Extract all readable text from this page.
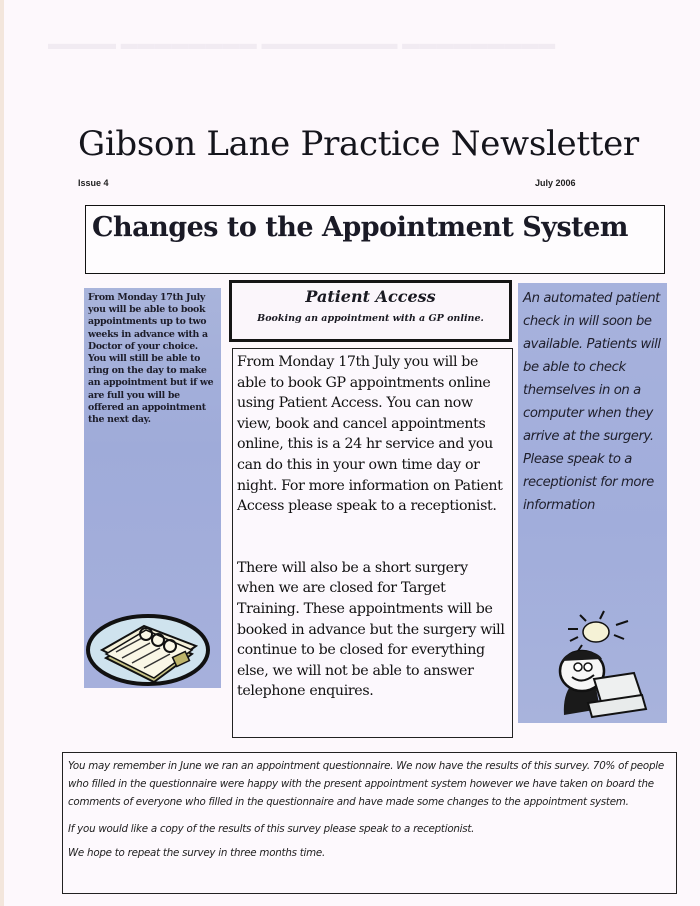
▬▬▬▬ ▬▬▬▬▬▬▬▬ ▬▬▬▬▬▬▬▬ ▬▬▬▬▬▬▬▬▬
Gibson Lane Practice Newsletter
Issue 4	July 2006
Changes to the Appointment System

From Monday 17th July you will be able to book appointments up to two weeks in advance with a Doctor of your choice. You will still be able to ring on the day to make an appointment but if we are full you will be offered an appointment the next day.

Patient Access
Booking an appointment with a GP online.

From Monday 17th July you will be able to book GP appointments online using Patient Access. You can now view, book and cancel appointments online, this is a 24 hr service and you can do this in your own time day or night. For more information on Patient Access please speak to a receptionist.

There will also be a short surgery when we are closed for Target Training. These appointments will be booked in advance but the surgery will continue to be closed for everything else, we will not be able to answer telephone enquires.

An automated patient check in will soon be available. Patients will be able to check themselves in on a computer when they arrive at the surgery. Please speak to a receptionist for more information

You may remember in June we ran an appointment questionnaire. We now have the results of this survey. 70% of people who filled in the questionnaire were happy with the present appointment system however we have taken on board the comments of everyone who filled in the questionnaire and have made some changes to the appointment system.

If you would like a copy of the results of this survey please speak to a receptionist.

We hope to repeat the survey in three months time.
